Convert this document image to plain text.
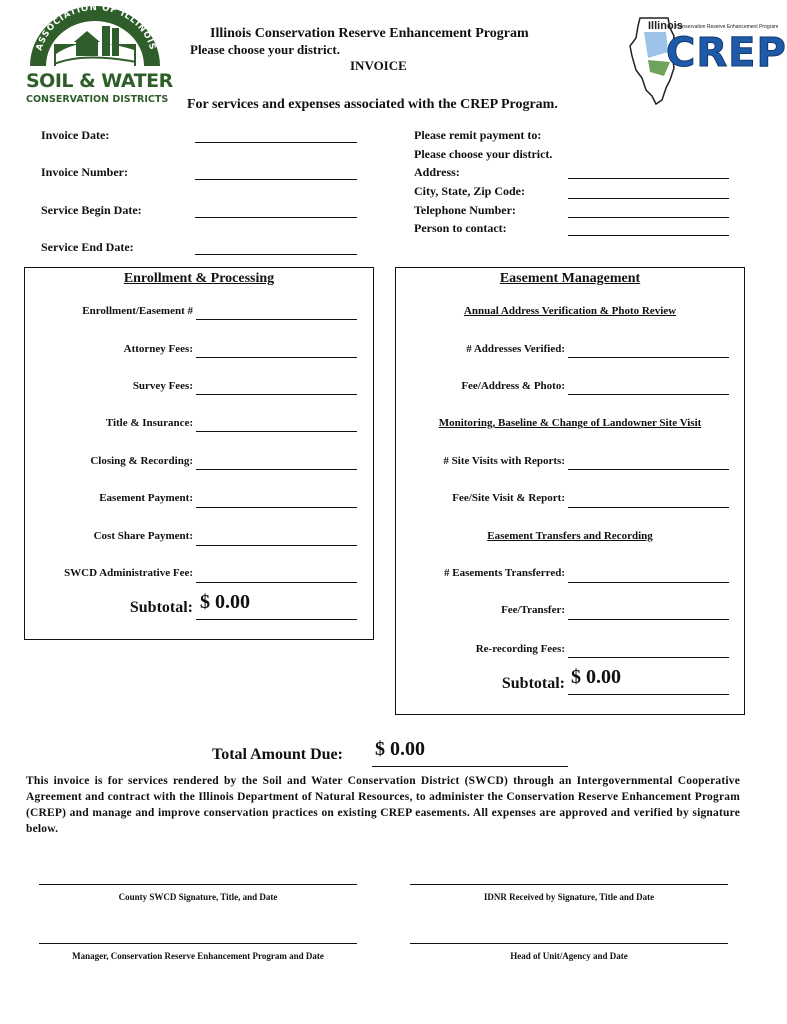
ASSOCIATION OF ILLINOIS
SOIL & WATER
CONSERVATION DISTRICTS
Illinois Conservation Reserve Enhancement Program
Please choose your district.
INVOICE
For services and expenses associated with the CREP Program.
Illinois
Conservation Reserve Enhancement Program
CREP
Invoice Date:
Invoice Number:
Service Begin Date:
Service End Date:
Please remit payment to:
Please choose your district.
Address:
City, State, Zip Code:
Telephone Number:
Person to contact:
Enrollment & Processing
Enrollment/Easement #
Attorney Fees:
Survey Fees:
Title & Insurance:
Closing & Recording:
Easement Payment:
Cost Share Payment:
SWCD Administrative Fee:
Subtotal: $ 0.00
Easement Management
Annual Address Verification & Photo Review
# Addresses Verified:
Fee/Address & Photo:
Monitoring, Baseline & Change of Landowner Site Visit
# Site Visits with Reports:
Fee/Site Visit & Report:
Easement Transfers and Recording
# Easements Transferred:
Fee/Transfer:
Re-recording Fees:
Subtotal: $ 0.00
Total Amount Due: $ 0.00
This invoice is for services rendered by the Soil and Water Conservation District (SWCD) through an Intergovernmental Cooperative Agreement and contract with the Illinois Department of Natural Resources, to administer the Conservation Reserve Enhancement Program (CREP) and manage and improve conservation practices on existing CREP easements. All expenses are approved and verified by signature below.
County SWCD Signature, Title, and Date	IDNR Received by Signature, Title and Date
Manager, Conservation Reserve Enhancement Program and Date	Head of Unit/Agency and Date
